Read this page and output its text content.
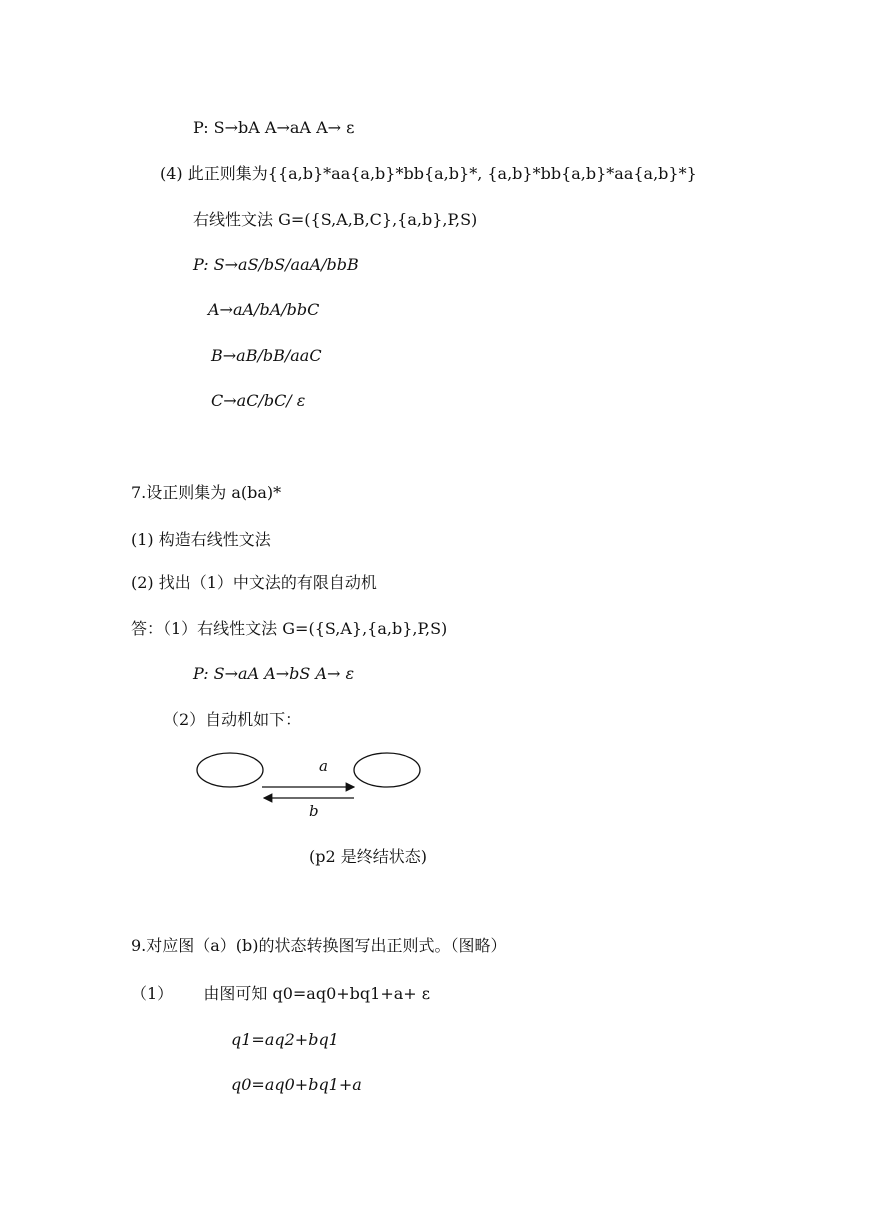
P: S→bA A→aA A→ ε
(4) 此正则集为{{a,b}*aa{a,b}*bb{a,b}*, {a,b}*bb{a,b}*aa{a,b}*}
右线性文法 G=({S,A,B,C},{a,b},P,S)
P: S→aS/bS/aaA/bbB
A→aA/bA/bbC
B→aB/bB/aaC
C→aC/bC/ ε
7.设正则集为 a(ba)*
(1) 构造右线性文法
(2) 找出（1）中文法的有限自动机
答：（1）右线性文法 G=({S,A},{a,b},P,S)
P: S→aA A→bS A→ ε
（2）自动机如下：
a
b
(p2 是终结状态)
9.对应图（a）(b)的状态转换图写出正则式。（图略）
（1） 由图可知 q0=aq0+bq1+a+ ε
q1=aq2+bq1
q0=aq0+bq1+a
